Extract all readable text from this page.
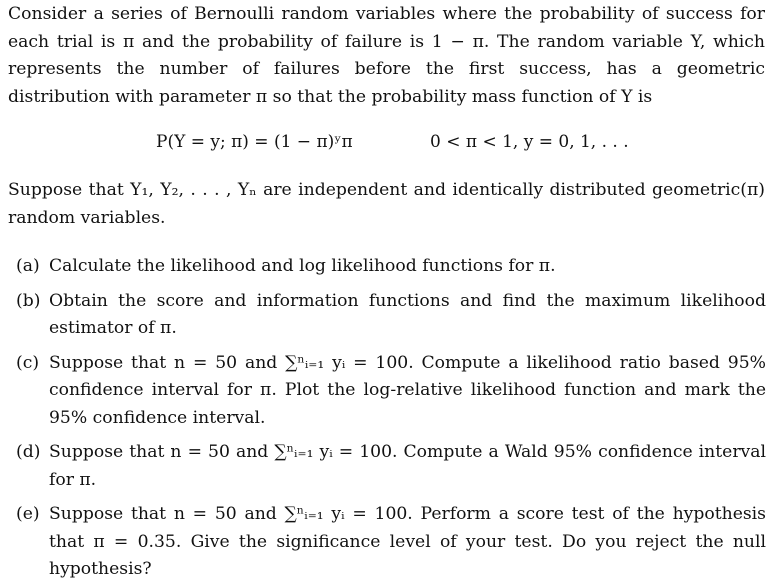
Consider a series of Bernoulli random variables where the probability of success for each trial is π and the probability of failure is 1 − π. The random variable Y, which represents the number of failures before the first success, has a geometric distribution with parameter π so that the probability mass function of Y is

P(Y = y; π) = (1 − π)ʸπ	0 < π < 1, y = 0, 1, . . .

Suppose that Y₁, Y₂, . . . , Yₙ are independent and identically distributed geometric(π) random variables.

(a) Calculate the likelihood and log likelihood functions for π.
(b) Obtain the score and information functions and find the maximum likelihood estimator of π.
(c) Suppose that n = 50 and ∑ⁿᵢ₌₁ yᵢ = 100. Compute a likelihood ratio based 95% confidence interval for π. Plot the log-relative likelihood function and mark the 95% confidence interval.
(d) Suppose that n = 50 and ∑ⁿᵢ₌₁ yᵢ = 100. Compute a Wald 95% confidence interval for π.
(e) Suppose that n = 50 and ∑ⁿᵢ₌₁ yᵢ = 100. Perform a score test of the hypothesis that π = 0.35. Give the significance level of your test. Do you reject the null hypothesis?
